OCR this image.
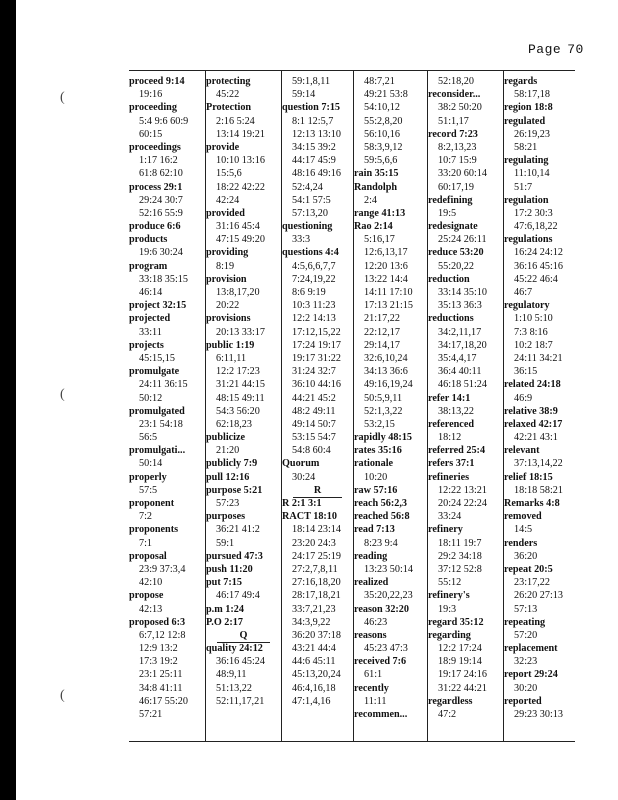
Page 70
(
(
(
proceed 9:14
19:16
proceeding
5:4 9:6 60:9
60:15
proceedings
1:17 16:2
61:8 62:10
process 29:1
29:24 30:7
52:16 55:9
produce 6:6
products
19:6 30:24
program
33:18 35:15
46:14
project 32:15
projected
33:11
projects
45:15,15
promulgate
24:11 36:15
50:12
promulgated
23:1 54:18
56:5
promulgati...
50:14
properly
57:5
proponent
7:2
proponents
7:1
proposal
23:9 37:3,4
42:10
propose
42:13
proposed 6:3
6:7,12 12:8
12:9 13:2
17:3 19:2
23:1 25:11
34:8 41:11
46:17 55:20
57:21
protecting
45:22
Protection
2:16 5:24
13:14 19:21
provide
10:10 13:16
15:5,6
18:22 42:22
42:24
provided
31:16 45:4
47:15 49:20
providing
8:19
provision
13:8,17,20
20:22
provisions
20:13 33:17
public 1:19
6:11,11
12:2 17:23
31:21 44:15
48:15 49:11
54:3 56:20
62:18,23
publicize
21:20
publicly 7:9
pull 12:16
purpose 5:21
57:23
purposes
36:21 41:2
59:1
pursued 47:3
push 11:20
put 7:15
46:17 49:4
p.m 1:24
P.O 2:17
Q
quality 24:12
36:16 45:24
48:9,11
51:13,22
52:11,17,21
59:1,8,11
59:14
question 7:15
8:1 12:5,7
12:13 13:10
34:15 39:2
44:17 45:9
48:16 49:16
52:4,24
54:1 57:5
57:13,20
questioning
33:3
questions 4:4
4:5,6,6,7,7
7:24,19,22
8:6 9:19
10:3 11:23
12:2 14:13
17:12,15,22
17:24 19:17
19:17 31:22
31:24 32:7
36:10 44:16
44:21 45:2
48:2 49:11
49:14 50:7
53:15 54:7
54:8 60:4
Quorum
30:24
R
R 2:1 3:1
RACT 18:10
18:14 23:14
23:20 24:3
24:17 25:19
27:2,7,8,11
27:16,18,20
28:17,18,21
33:7,21,23
34:3,9,22
36:20 37:18
43:21 44:4
44:6 45:11
45:13,20,24
46:4,16,18
47:1,4,16
48:7,21
49:21 53:8
54:10,12
55:2,8,20
56:10,16
58:3,9,12
59:5,6,6
rain 35:15
Randolph
2:4
range 41:13
Rao 2:14
5:16,17
12:6,13,17
12:20 13:6
13:22 14:4
14:11 17:10
17:13 21:15
21:17,22
22:12,17
29:14,17
32:6,10,24
34:13 36:6
49:16,19,24
50:5,9,11
52:1,3,22
53:2,15
rapidly 48:15
rates 35:16
rationale
10:20
raw 57:16
reach 56:2,3
reached 56:8
read 7:13
8:23 9:4
reading
13:23 50:14
realized
35:20,22,23
reason 32:20
46:23
reasons
45:23 47:3
received 7:6
61:1
recently
11:11
recommen...
52:18,20
reconsider...
38:2 50:20
51:1,17
record 7:23
8:2,13,23
10:7 15:9
33:20 60:14
60:17,19
redefining
19:5
redesignate
25:24 26:11
reduce 53:20
55:20,22
reduction
33:14 35:10
35:13 36:3
reductions
34:2,11,17
34:17,18,20
35:4,4,17
36:4 40:11
46:18 51:24
refer 14:1
38:13,22
referenced
18:12
referred 25:4
refers 37:1
refineries
12:22 13:21
20:24 22:24
33:24
refinery
18:11 19:7
29:2 34:18
37:12 52:8
55:12
refinery's
19:3
regard 35:12
regarding
12:2 17:24
18:9 19:14
19:17 24:16
31:22 44:21
regardless
47:2
regards
58:17,18
region 18:8
regulated
26:19,23
58:21
regulating
11:10,14
51:7
regulation
17:2 30:3
47:6,18,22
regulations
16:24 24:12
36:16 45:16
45:22 46:4
46:7
regulatory
1:10 5:10
7:3 8:16
10:2 18:7
24:11 34:21
36:15
related 24:18
46:9
relative 38:9
relaxed 42:17
42:21 43:1
relevant
37:13,14,22
relief 18:15
18:18 58:21
Remarks 4:8
removed
14:5
renders
36:20
repeat 20:5
23:17,22
26:20 27:13
57:13
repeating
57:20
replacement
32:23
report 29:24
30:20
reported
29:23 30:13
